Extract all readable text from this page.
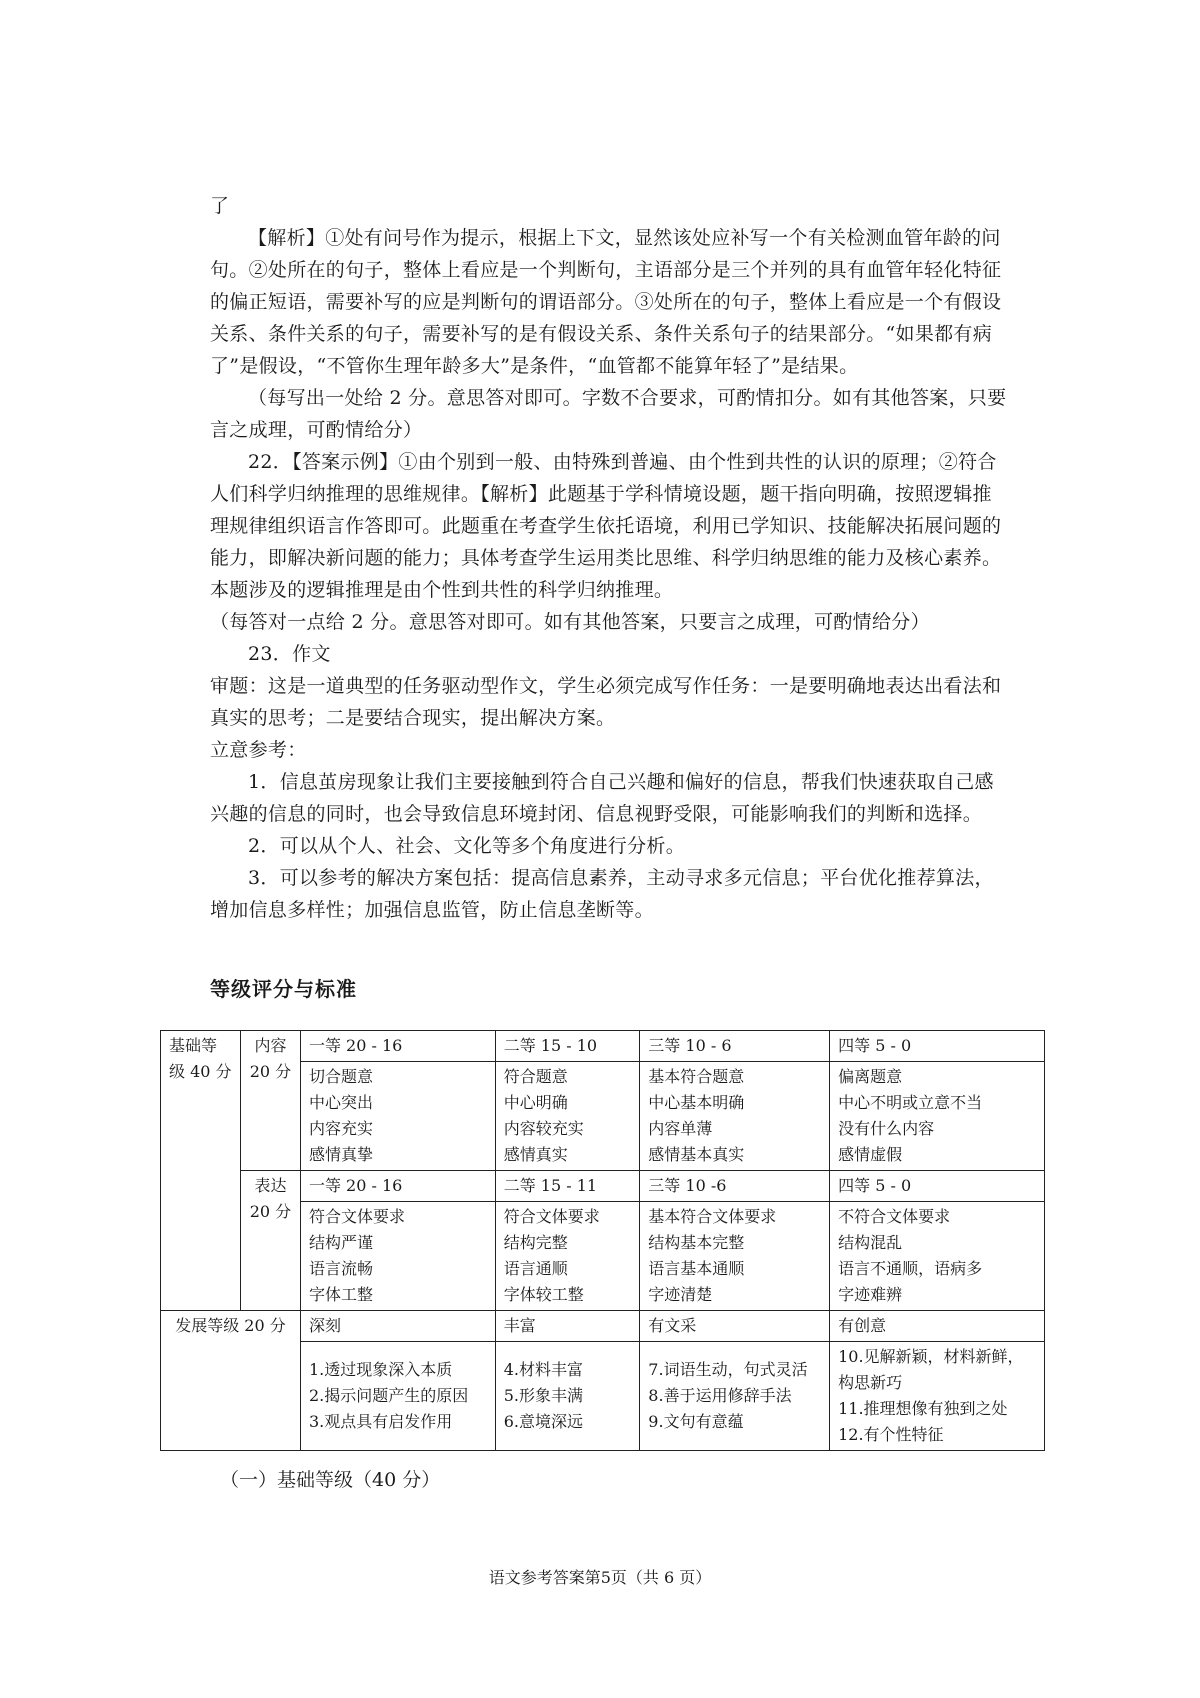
了

【解析】①处有问号作为提示，根据上下文，显然该处应补写一个有关检测血管年龄的问句。②处所在的句子，整体上看应是一个判断句，主语部分是三个并列的具有血管年轻化特征的偏正短语，需要补写的应是判断句的谓语部分。③处所在的句子，整体上看应是一个有假设关系、条件关系的句子，需要补写的是有假设关系、条件关系句子的结果部分。“如果都有病了”是假设，“不管你生理年龄多大”是条件，“血管都不能算年轻了”是结果。

（每写出一处给 2 分。意思答对即可。字数不合要求，可酌情扣分。如有其他答案，只要言之成理，可酌情给分）

22．【答案示例】①由个别到一般、由特殊到普遍、由个性到共性的认识的原理；②符合人们科学归纳推理的思维规律。【解析】此题基于学科情境设题，题干指向明确，按照逻辑推理规律组织语言作答即可。此题重在考查学生依托语境，利用已学知识、技能解决拓展问题的能力，即解决新问题的能力；具体考查学生运用类比思维、科学归纳思维的能力及核心素养。本题涉及的逻辑推理是由个性到共性的科学归纳推理。

（每答对一点给 2 分。意思答对即可。如有其他答案，只要言之成理，可酌情给分）

23．作文

审题：这是一道典型的任务驱动型作文，学生必须完成写作任务：一是要明确地表达出看法和真实的思考；二是要结合现实，提出解决方案。

立意参考：

1．信息茧房现象让我们主要接触到符合自己兴趣和偏好的信息，帮我们快速获取自己感兴趣的信息的同时，也会导致信息环境封闭、信息视野受限，可能影响我们的判断和选择。

2．可以从个人、社会、文化等多个角度进行分析。

3．可以参考的解决方案包括：提高信息素养，主动寻求多元信息；平台优化推荐算法，增加信息多样性；加强信息监管，防止信息垄断等。

等级评分与标准
基础等
级 40 分	内容
20 分	一等 20 - 16	二等 15 - 10	三等 10 - 6	四等 5 - 0

		切合题意
中心突出
内容充实
感情真挚	符合题意
中心明确
内容较充实
感情真实	基本符合题意
中心基本明确
内容单薄
感情基本真实	偏离题意
中心不明或立意不当
没有什么内容
感情虚假

	表达
20 分	一等 20 - 16	二等 15 - 11	三等 10 -6	四等 5 - 0

		符合文体要求
结构严谨
语言流畅
字体工整	符合文体要求
结构完整
语言通顺
字体较工整	基本符合文体要求
结构基本完整
语言基本通顺
字迹清楚	不符合文体要求
结构混乱
语言不通顺，语病多
字迹难辨

发展等级 20 分		深刻	丰富	有文采	有创意

		1.透过现象深入本质
2.揭示问题产生的原因
3.观点具有启发作用	4.材料丰富
5.形象丰满
6.意境深远	7.词语生动，句式灵活
8.善于运用修辞手法
9.文句有意蕴	10.见解新颖，材料新鲜，
构思新巧
11.推理想像有独到之处
12.有个性特征
（一）基础等级（40 分）
语文参考答案第5页（共 6 页）
